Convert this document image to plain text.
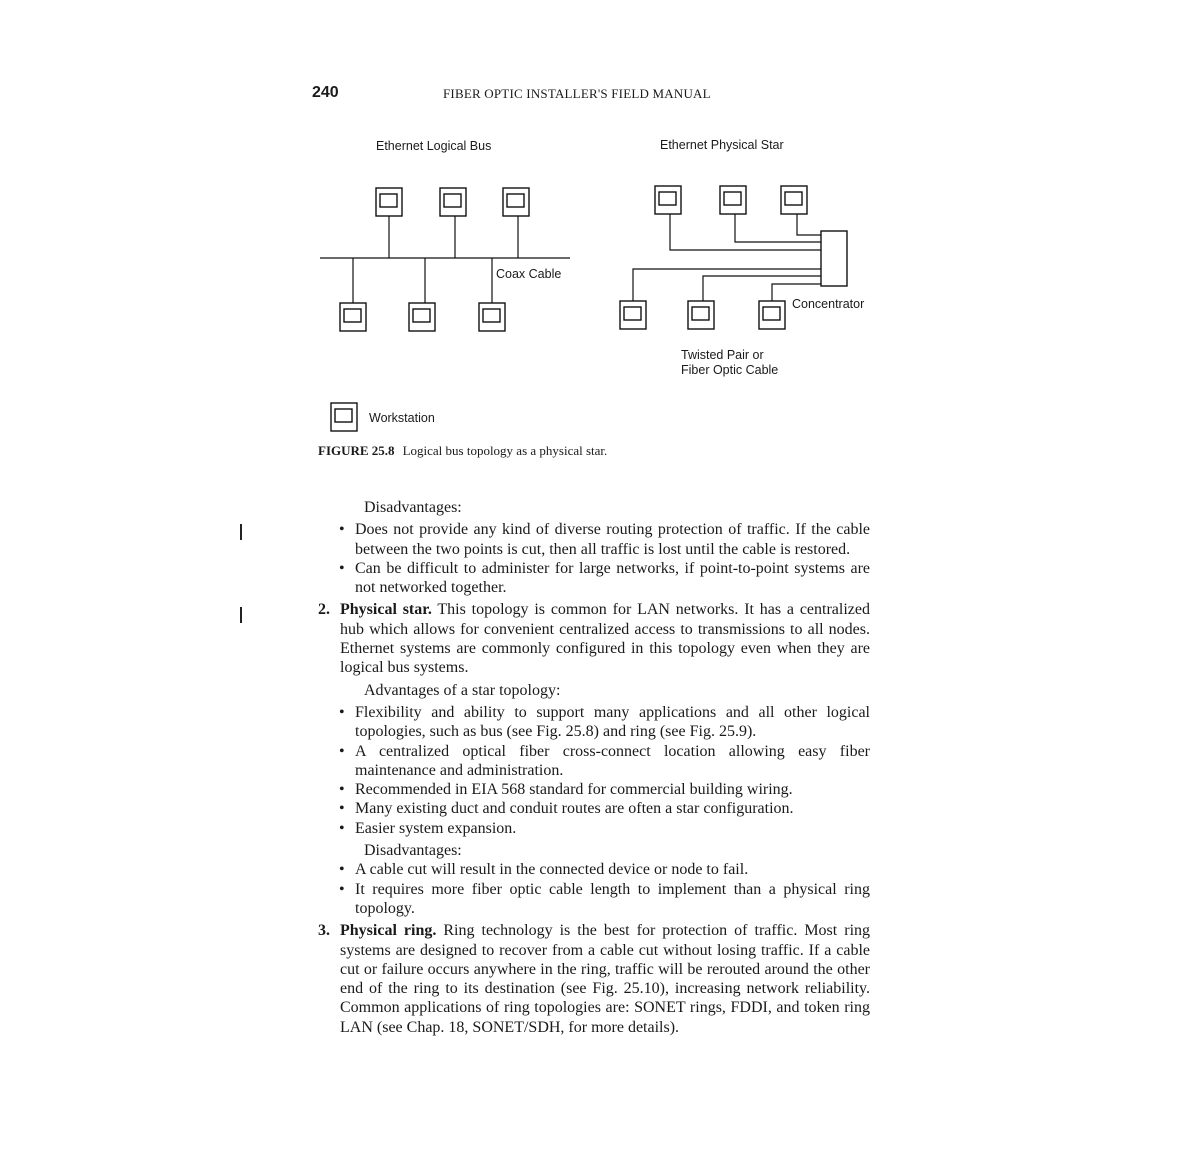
240	FIBER OPTIC INSTALLER'S FIELD MANUAL
Ethernet Logical Bus	Ethernet Physical Star
Coax Cable
Concentrator
Twisted Pair or
Fiber Optic Cable
Workstation
FIGURE 25.8 Logical bus topology as a physical star.
Disadvantages:
• Does not provide any kind of diverse routing protection of traffic. If the cable between the two points is cut, then all traffic is lost until the cable is restored.
• Can be difficult to administer for large networks, if point-to-point systems are not networked together.
2. Physical star. This topology is common for LAN networks. It has a centralized hub which allows for convenient centralized access to transmissions to all nodes. Ethernet systems are commonly configured in this topology even when they are logical bus systems.
Advantages of a star topology:
• Flexibility and ability to support many applications and all other logical topologies, such as bus (see Fig. 25.8) and ring (see Fig. 25.9).
• A centralized optical fiber cross-connect location allowing easy fiber maintenance and administration.
• Recommended in EIA 568 standard for commercial building wiring.
• Many existing duct and conduit routes are often a star configuration.
• Easier system expansion.
Disadvantages:
• A cable cut will result in the connected device or node to fail.
• It requires more fiber optic cable length to implement than a physical ring topology.
3. Physical ring. Ring technology is the best for protection of traffic. Most ring systems are designed to recover from a cable cut without losing traffic. If a cable cut or failure occurs anywhere in the ring, traffic will be rerouted around the other end of the ring to its destination (see Fig. 25.10), increasing network reliability. Common applications of ring topologies are: SONET rings, FDDI, and token ring LAN (see Chap. 18, SONET/SDH, for more details).
